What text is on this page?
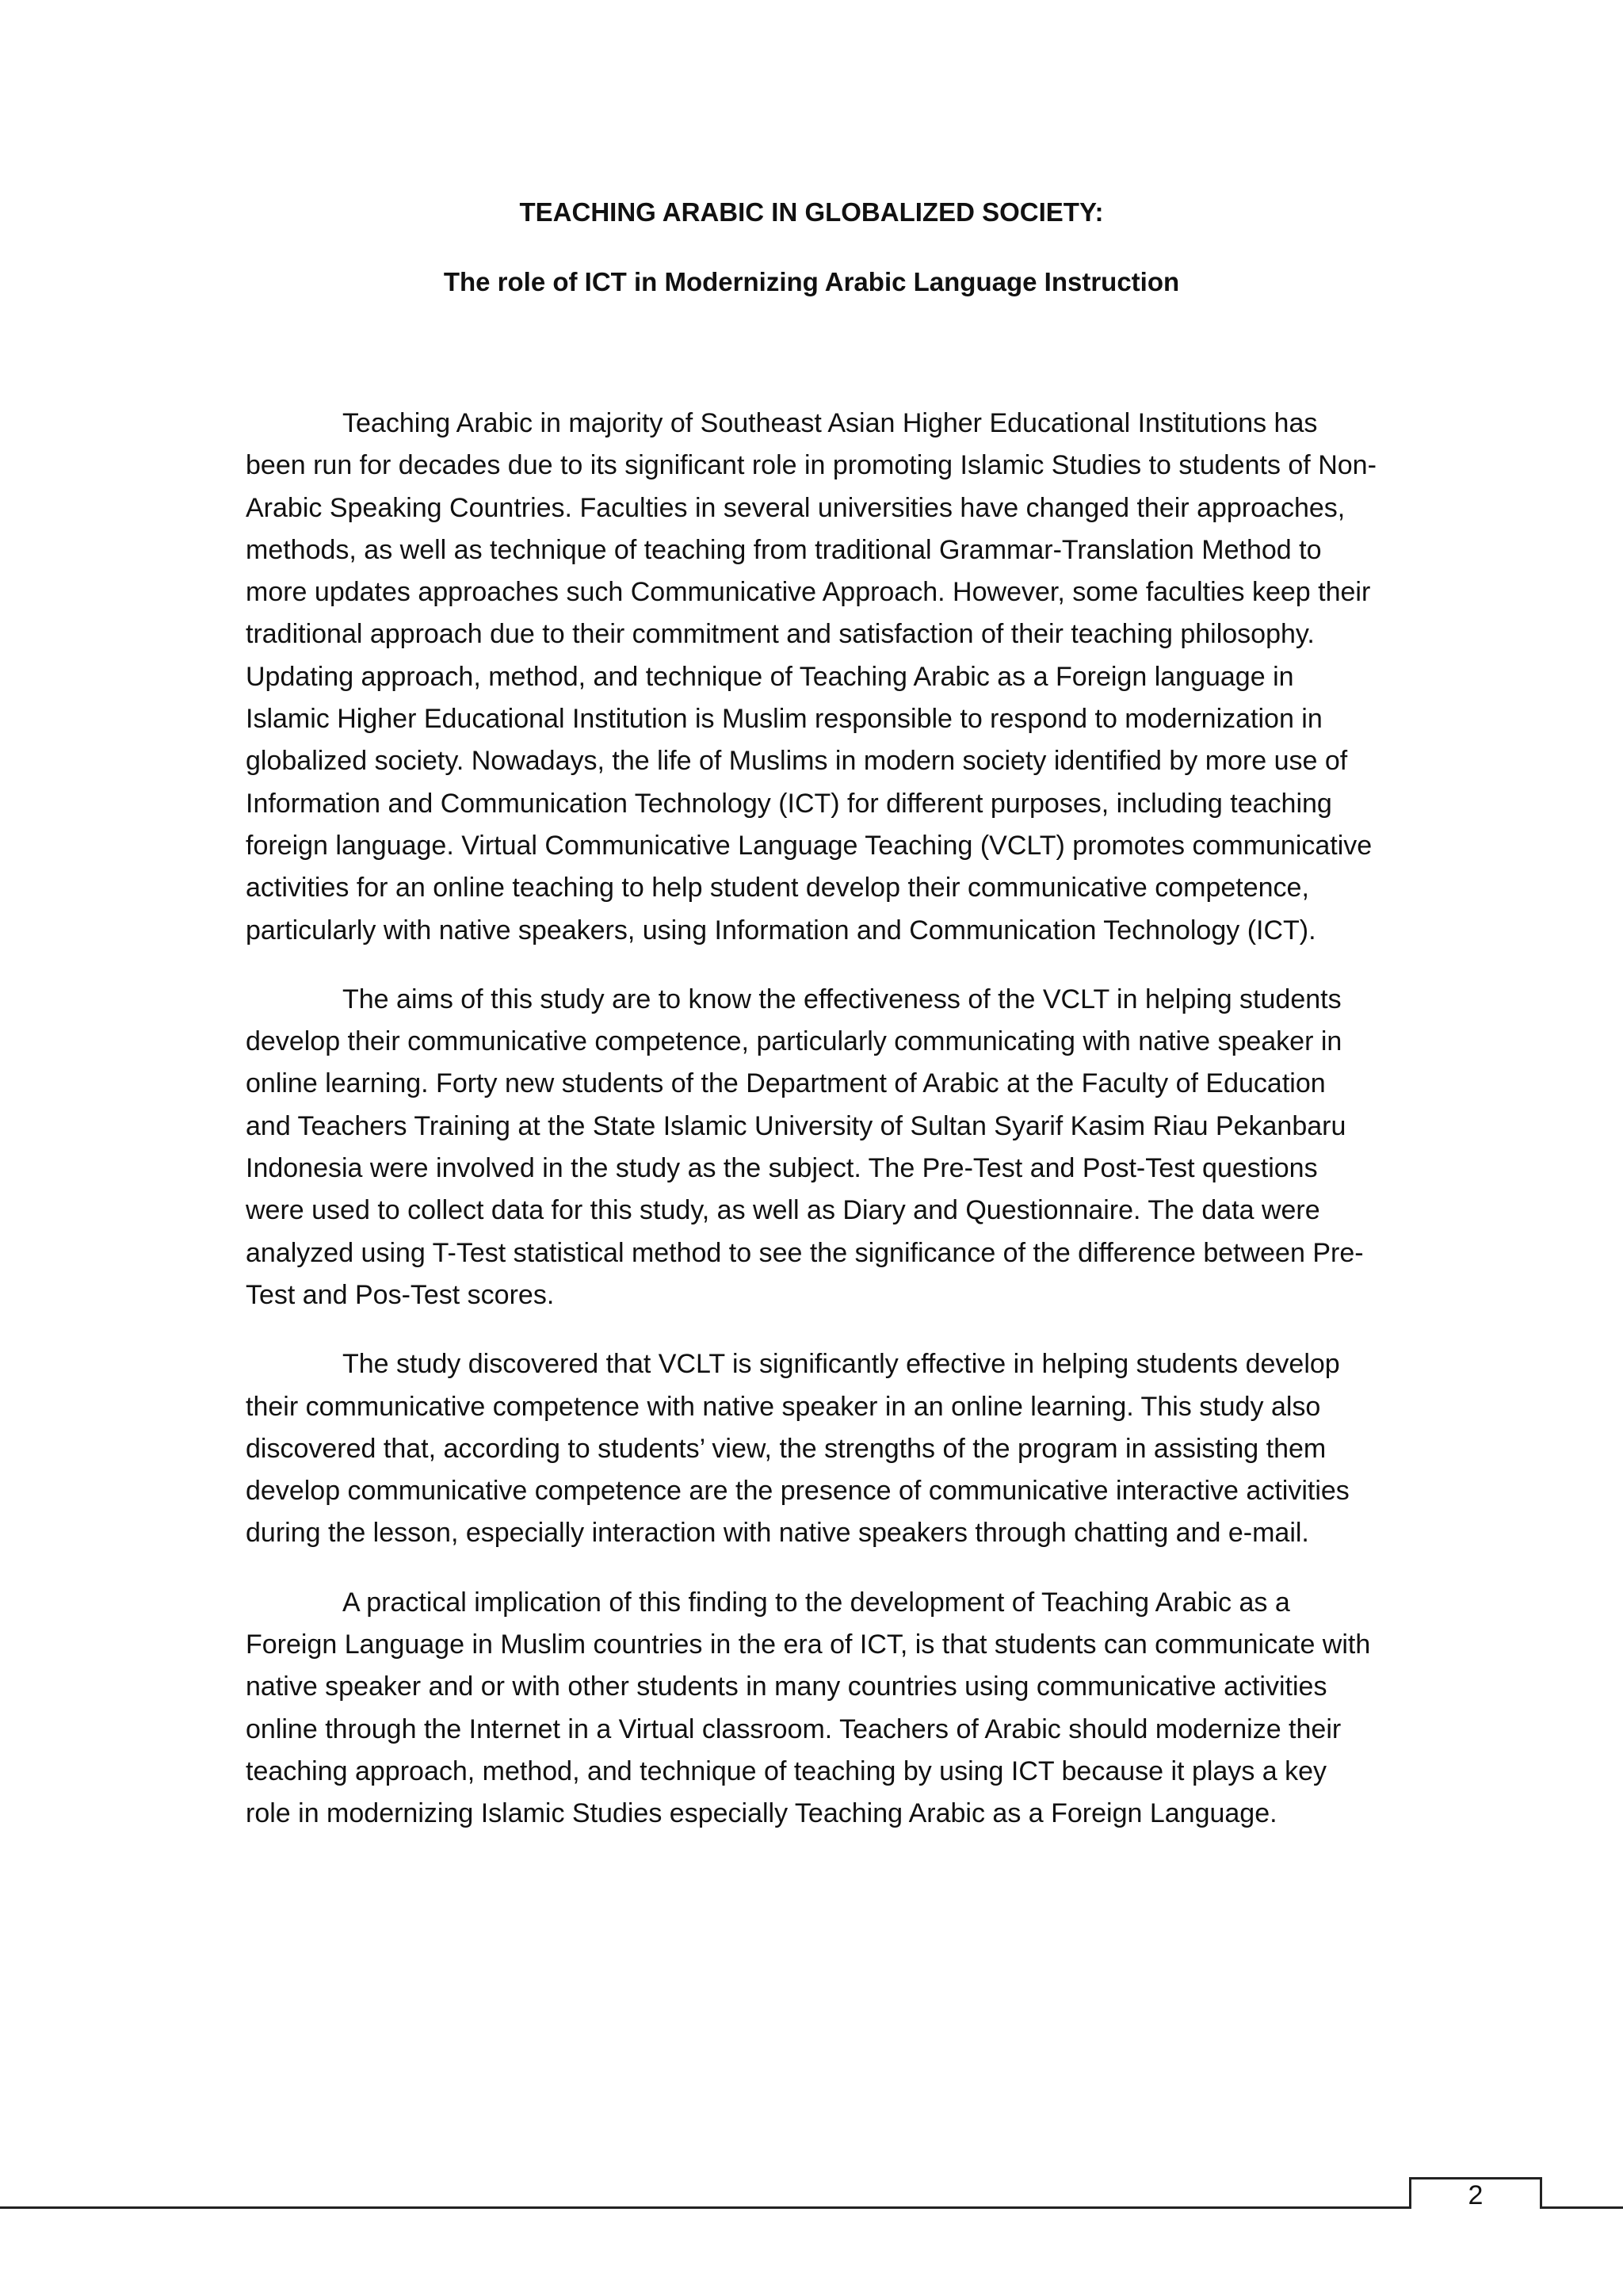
TEACHING ARABIC IN GLOBALIZED SOCIETY:

The role of ICT in Modernizing Arabic Language Instruction

Teaching Arabic in majority of Southeast Asian Higher Educational Institutions has been run for decades due to its significant role in promoting Islamic Studies to students of Non-Arabic Speaking Countries. Faculties in several universities have changed their approaches, methods, as well as technique of teaching from traditional Grammar-Translation Method to more updates approaches such Communicative Approach. However, some faculties keep their traditional approach due to their commitment and satisfaction of their teaching philosophy. Updating approach, method, and technique of Teaching Arabic as a Foreign language in Islamic Higher Educational Institution is Muslim responsible to respond to modernization in globalized society. Nowadays, the life of Muslims in modern society identified by more use of Information and Communication Technology (ICT) for different purposes, including teaching foreign language. Virtual Communicative Language Teaching (VCLT) promotes communicative activities for an online teaching to help student develop their communicative competence, particularly with native speakers, using Information and Communication Technology (ICT).

The aims of this study are to know the effectiveness of the VCLT in helping students develop their communicative competence, particularly communicating with native speaker in online learning. Forty new students of the Department of Arabic at the Faculty of Education and Teachers Training at the State Islamic University of Sultan Syarif Kasim Riau Pekanbaru Indonesia were involved in the study as the subject. The Pre-Test and Post-Test questions were used to collect data for this study, as well as Diary and Questionnaire. The data were analyzed using T-Test statistical method to see the significance of the difference between Pre-Test and Pos-Test scores.

The study discovered that VCLT is significantly effective in helping students develop their communicative competence with native speaker in an online learning. This study also discovered that, according to students’ view, the strengths of the program in assisting them develop communicative competence are the presence of communicative interactive activities during the lesson, especially interaction with native speakers through chatting and e-mail.

A practical implication of this finding to the development of Teaching Arabic as a Foreign Language in Muslim countries in the era of ICT, is that students can communicate with native speaker and or with other students in many countries using communicative activities online through the Internet in a Virtual classroom. Teachers of Arabic should modernize their teaching approach, method, and technique of teaching by using ICT because it plays a key role in modernizing Islamic Studies especially Teaching Arabic as a Foreign Language.

2
